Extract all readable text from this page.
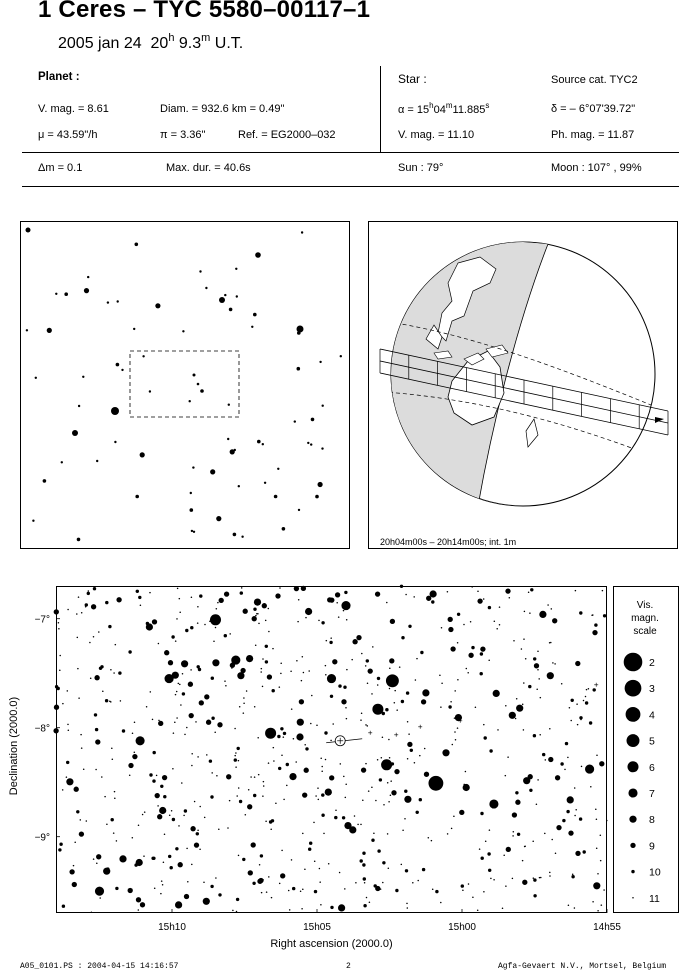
1 Ceres – TYC 5580–00117–1
2005 jan 24 20$^h$ 9.3$^m$ U.T.
Planet :
V. mag. = 8.61	Diam. = 932.6 km = 0.49"
μ = 43.59"/h	π = 3.36"	Ref. = EG2000–032
Star :	Source cat. TYC2
$\alpha = 15^h04^m11.885^s$	δ = – 6°07'39.72"
V. mag. = 11.10	Ph. mag. = 11.87
Δm = 0.1	Max. dur. = 40.6s	Sun : 79°	Moon : 107° , 99%
20h04m00s – 20h14m00s; int. 1m
15h10	15h05	15h00	14h55
−7°
−8°
−9°
Declination (2000.0)
Right ascension (2000.0)
Vis.
magn.
scale
2
3
4
5
6
7
8
9
10
11
A05_0101.PS : 2004-04-15 14:16:57	2	Agfa-Gevaert N.V., Mortsel, Belgium
